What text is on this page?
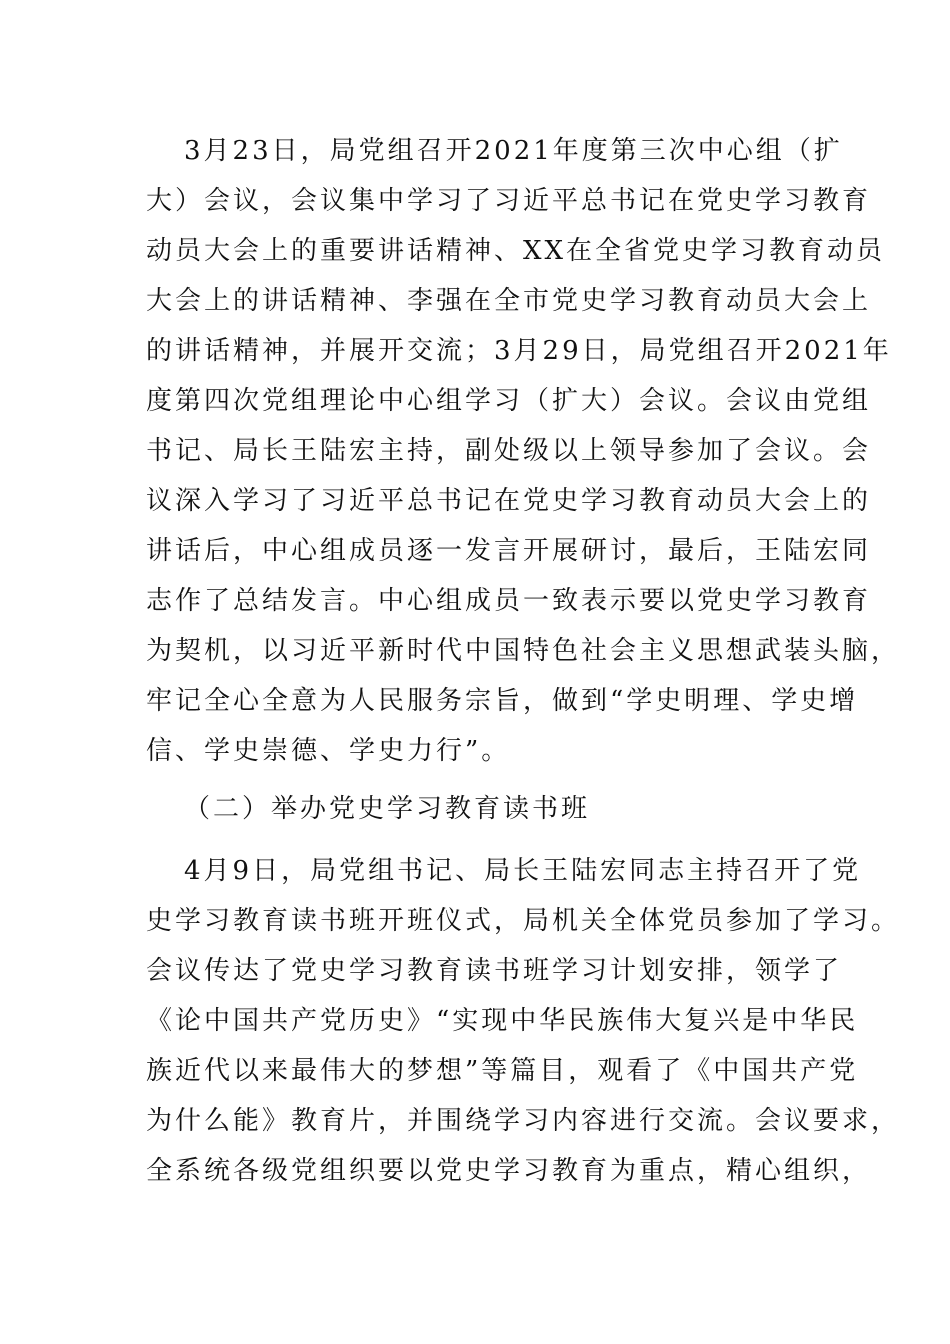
3月23日，局党组召开2021年度第三次中心组（扩
大）会议，会议集中学习了习近平总书记在党史学习教育
动员大会上的重要讲话精神、XX在全省党史学习教育动员
大会上的讲话精神、李强在全市党史学习教育动员大会上
的讲话精神，并展开交流；3月29日，局党组召开2021年
度第四次党组理论中心组学习（扩大）会议。会议由党组
书记、局长王陆宏主持，副处级以上领导参加了会议。会
议深入学习了习近平总书记在党史学习教育动员大会上的
讲话后，中心组成员逐一发言开展研讨，最后，王陆宏同
志作了总结发言。中心组成员一致表示要以党史学习教育
为契机，以习近平新时代中国特色社会主义思想武装头脑，
牢记全心全意为人民服务宗旨，做到“学史明理、学史增
信、学史崇德、学史力行”。
（二）举办党史学习教育读书班
4月9日，局党组书记、局长王陆宏同志主持召开了党
史学习教育读书班开班仪式，局机关全体党员参加了学习。
会议传达了党史学习教育读书班学习计划安排，领学了
《论中国共产党历史》“实现中华民族伟大复兴是中华民
族近代以来最伟大的梦想”等篇目，观看了《中国共产党
为什么能》教育片，并围绕学习内容进行交流。会议要求，
全系统各级党组织要以党史学习教育为重点，精心组织，
